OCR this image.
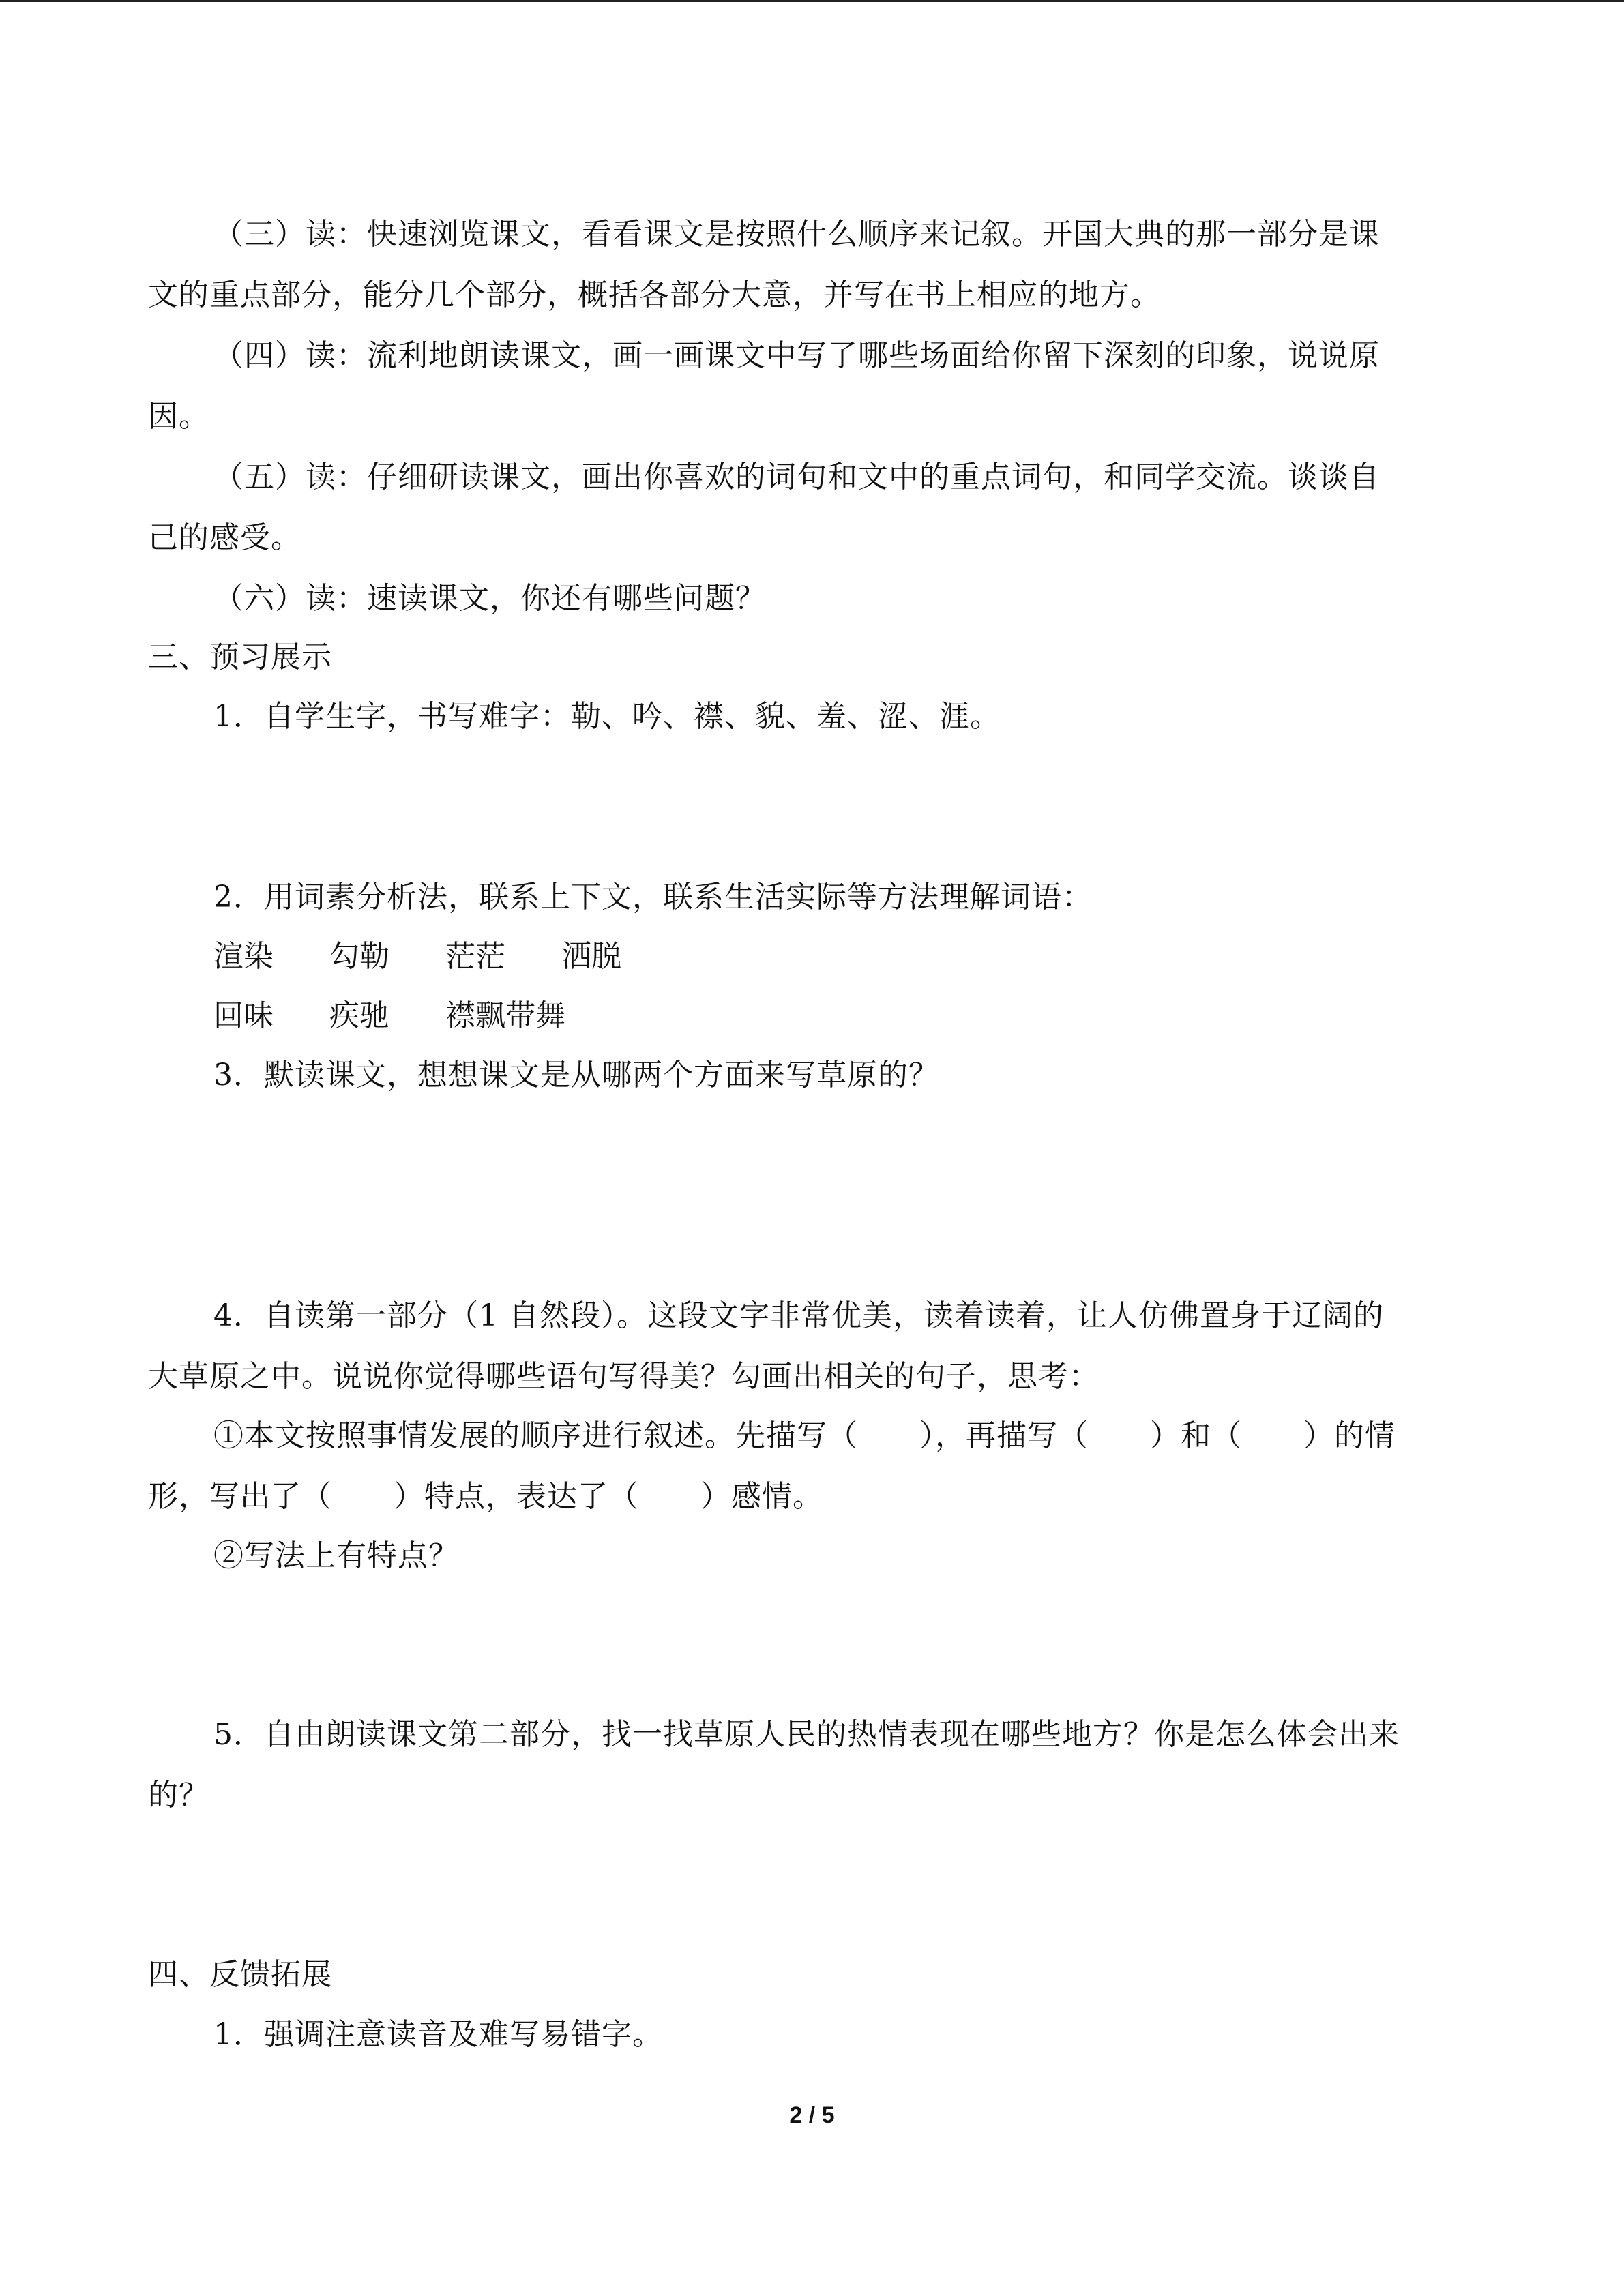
（三）读：快速浏览课文，看看课文是按照什么顺序来记叙。开国大典的那一部分是课
文的重点部分，能分几个部分，概括各部分大意，并写在书上相应的地方。
（四）读：流利地朗读课文，画一画课文中写了哪些场面给你留下深刻的印象，说说原
因。
（五）读：仔细研读课文，画出你喜欢的词句和文中的重点词句，和同学交流。谈谈自
己的感受。
（六）读：速读课文，你还有哪些问题？
三、预习展示
1．自学生字，书写难字：勒、吟、襟、貌、羞、涩、涯。
2．用词素分析法，联系上下文，联系生活实际等方法理解词语：
渲染 勾勒 茫茫 洒脱
回味 疾驰 襟飘带舞
3．默读课文，想想课文是从哪两个方面来写草原的？
4．自读第一部分（1 自然段）。这段文字非常优美，读着读着，让人仿佛置身于辽阔的
大草原之中。说说你觉得哪些语句写得美？勾画出相关的句子，思考：
①本文按照事情发展的顺序进行叙述。先描写（　　），再描写（　　）和（　　）的情
形，写出了（　　）特点，表达了（　　）感情。
②写法上有特点？
5．自由朗读课文第二部分，找一找草原人民的热情表现在哪些地方？你是怎么体会出来
的？
四、反馈拓展
1．强调注意读音及难写易错字。
2 / 5
